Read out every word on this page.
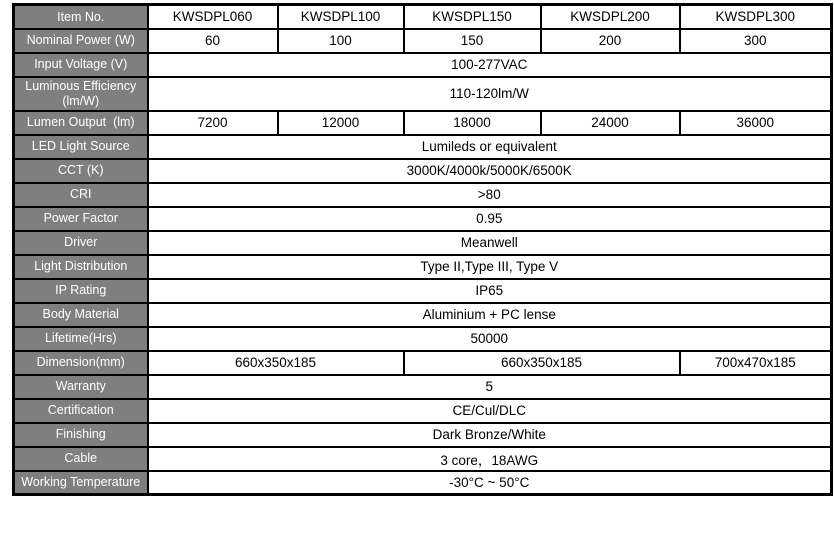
Item No.	KWSDPL060	KWSDPL100	KWSDPL150	KWSDPL200	KWSDPL300
Nominal Power (W)	60	100	150	200	300
Input Voltage (V)	100-277VAC				
Luminous Efficiency (lm/W)	110-120lm/W				
Lumen Output  (lm)	7200	12000	18000	24000	36000
LED Light Source	Lumileds or equivalent				
CCT (K)	3000K/4000k/5000K/6500K				
CRI	>80				
Power Factor	0.95				
Driver	Meanwell				
Light Distribution	Type II,Type III, Type V				
IP Rating	IP65				
Body Material	Aluminium + PC lense				
Lifetime(Hrs)	50000				
Dimension(mm)	660x350x185		660x350x185		700x470x185
Warranty	5				
Certification	CE/Cul/DLC				
Finishing	Dark Bronze/White				
Cable	3 core，18AWG				
Working Temperature	-30°C ~ 50°C				
